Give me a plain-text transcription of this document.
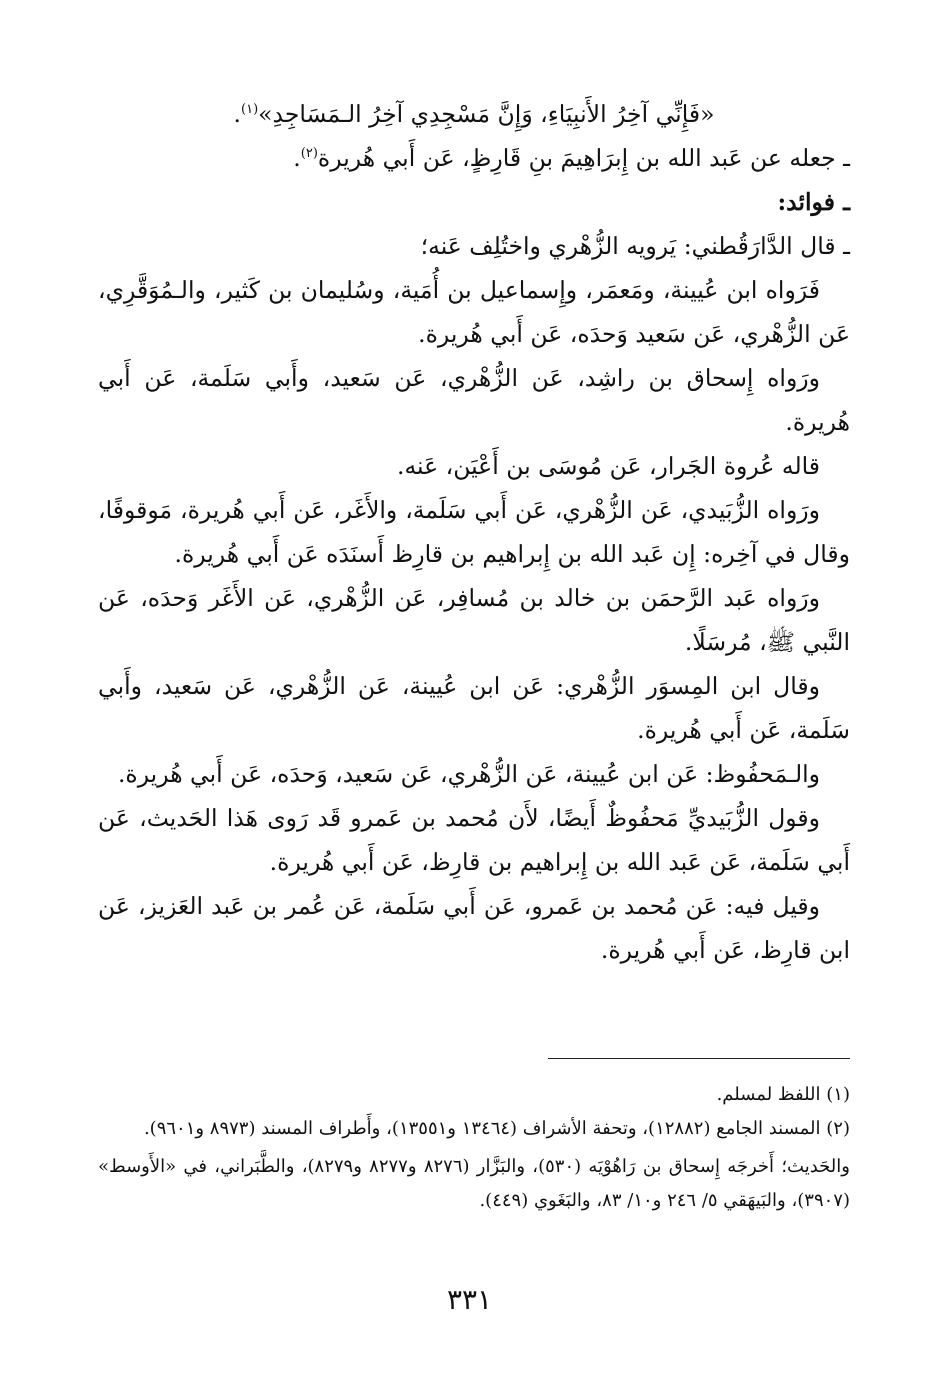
«فَإِنِّي آخِرُ الأَنبِيَاءِ، وَإِنَّ مَسْجِدِي آخِرُ الـمَسَاجِدِ»$^{(١)}$.

ـ جعله عن عَبد الله بن إِبرَاهِيمَ بنِ قَارِظٍ، عَن أَبي هُريرة$^{(٢)}$.

ـ فوائد:

ـ قال الدَّارَقُطني: يَرويه الزُّهْري واختُلِف عَنه؛

فَرَواه ابن عُيينة، ومَعمَر، وإِسماعيل بن أُمَية، وسُليمان بن كَثير، والـمُوَقَّرِي، عَن الزُّهْري، عَن سَعيد وَحدَه، عَن أَبي هُريرة.

ورَواه إِسحاق بن راشِد، عَن الزُّهْري، عَن سَعيد، وأَبي سَلَمة، عَن أَبي هُريرة.

قاله عُروة الجَرار، عَن مُوسَى بن أَعْيَن، عَنه.

ورَواه الزُّبَيدي، عَن الزُّهْري، عَن أَبي سَلَمة، والأَغَر، عَن أَبي هُريرة، مَوقوفًا، وقال في آخِره: إِن عَبد الله بن إِبراهيم بن قارِظ أَسنَدَه عَن أَبي هُريرة.

ورَواه عَبد الرَّحمَن بن خالد بن مُسافِر، عَن الزُّهْري، عَن الأَغَر وَحدَه، عَن النَّبي ﷺ، مُرسَلًا.

وقال ابن المِسوَر الزُّهْري: عَن ابن عُيينة، عَن الزُّهْري، عَن سَعيد، وأَبي سَلَمة، عَن أَبي هُريرة.

والـمَحفُوظ: عَن ابن عُيينة، عَن الزُّهْري، عَن سَعيد، وَحدَه، عَن أَبي هُريرة.

وقول الزُّبَيديِّ مَحفُوظٌ أَيضًا، لأَن مُحمد بن عَمرو قَد رَوى هَذا الحَديث، عَن أَبي سَلَمة، عَن عَبد الله بن إِبراهيم بن قارِظ، عَن أَبي هُريرة.

وقيل فيه: عَن مُحمد بن عَمرو، عَن أَبي سَلَمة، عَن عُمر بن عَبد العَزيز، عَن ابن قارِظ، عَن أَبي هُريرة.

(١) اللفظ لمسلم.

(٢) المسند الجامع (١٢٨٨٢)، وتحفة الأشراف (١٣٤٦٤ و١٣٥٥١)، وأَطراف المسند (٨٩٧٣ و٩٦٠١).

والحَديث؛ أَخرجَه إِسحاق بن رَاهُوْيَه (٥٣٠)، والبَزَّار (٨٢٧٦ و٨٢٧٧ و٨٢٧٩)، والطَّبَراني، في «الأَوسط» (٣٩٠٧)، والبَيهَقي ٥/ ٢٤٦ و١٠/ ٨٣، والبَغَوي (٤٤٩).

٣٣١
